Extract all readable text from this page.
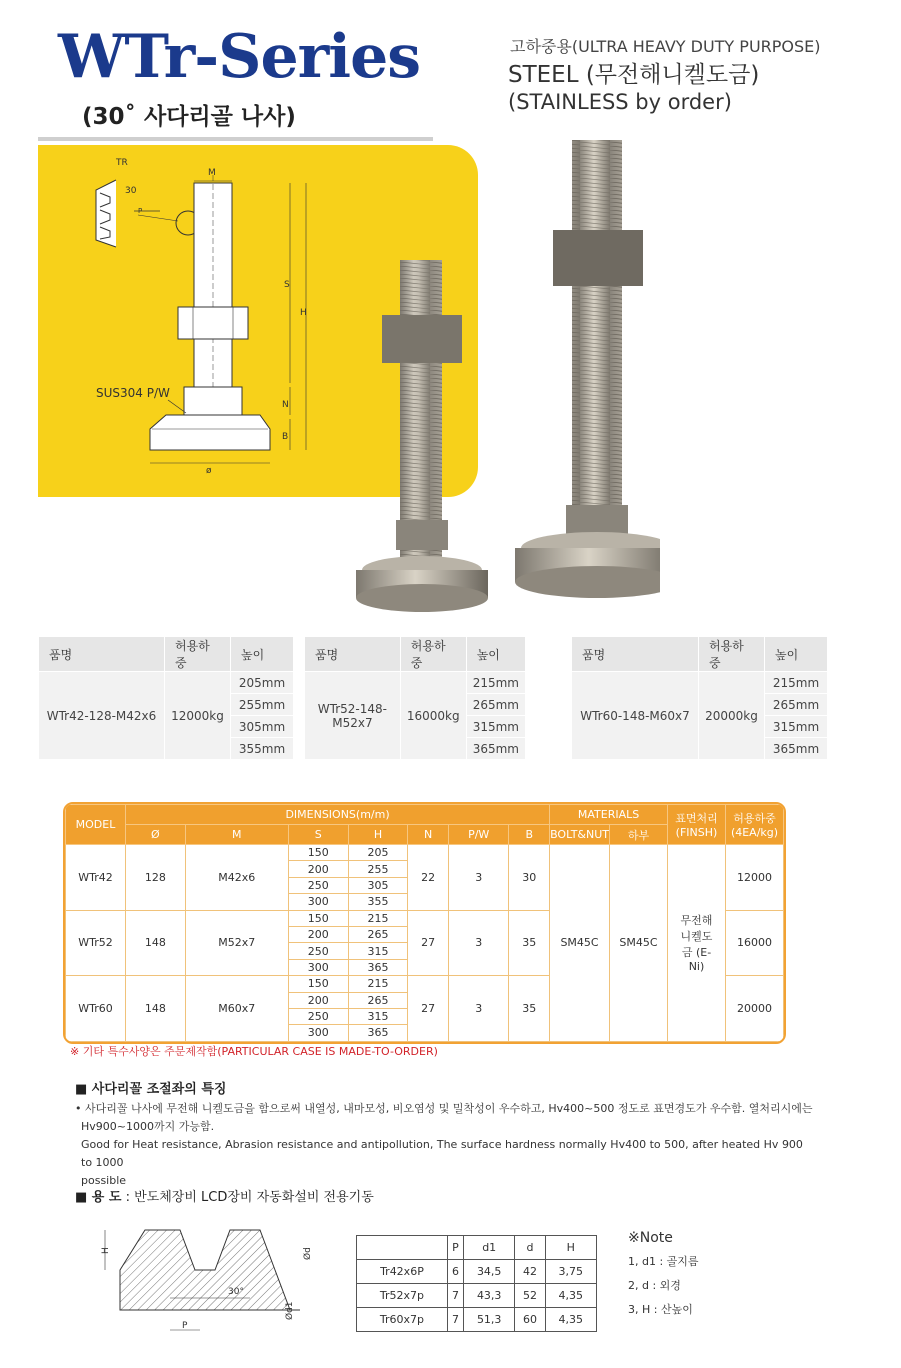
WTr-Series
(30˚ 사다리골 나사)
고하중용(ULTRA HEAVY DUTY PURPOSE)
STEEL (무전해니켈도금)
(STAINLESS by order)
TR
30
P
M
S
H
N
B
ø
SUS304 P/W
품명	허용하중	높이
WTr42-128-M42x6	12000kg	205mm
		255mm
		305mm
		355mm
품명	허용하중	높이
WTr52-148-M52x7	16000kg	215mm
		265mm
		315mm
		365mm
품명	허용하중	높이
WTr60-148-M60x7	20000kg	215mm
		265mm
		315mm
		365mm
MODEL	DIMENSIONS(m/m)							MATERIALS		표면처리 (FINSH)	허용하중 (4EA/kg)
	Ø	M	S	H	N	P/W	B	BOLT&NUT	하부		
WTr42	128	M42x6	150	205	22	3	30	SM45C	SM45C	무전해 니켈도금 (E-Ni)	12000
			200	255							
			250	305							
			300	355							
WTr52	148	M52x7	150	215	27	3	35				16000
			200	265							
			250	315							
			300	365							
WTr60	148	M60x7	150	215	27	3	35				20000
			200	265							
			250	315							
			300	365							
※ 기타 특수사양은 주문제작함(PARTICULAR CASE IS MADE-TO-ORDER)
■ 사다리꼴 조절좌의 특징

• 사다리꼴 나사에 무전해 니켈도금을 함으로써 내열성, 내마모성, 비오염성 및 밀착성이 우수하고, Hv400~500 정도로 표면경도가 우수함. 열처리시에는

Hv900~1000까지 가능함.

Good for Heat resistance, Abrasion resistance and antipollution, The surface hardness normally Hv400 to 500, after heated Hv 900 to 1000

possible

■ 용 도 : 반도체장비 LCD장비 자동화설비 전용기동
H
30°
P
Ød
Ød1
	P	d1	d	H
Tr42x6P	6	34,5	42	3,75
Tr52x7p	7	43,3	52	4,35
Tr60x7p	7	51,3	60	4,35
※Note
1, d1 : 골지름
2, d : 외경
3, H : 산높이
